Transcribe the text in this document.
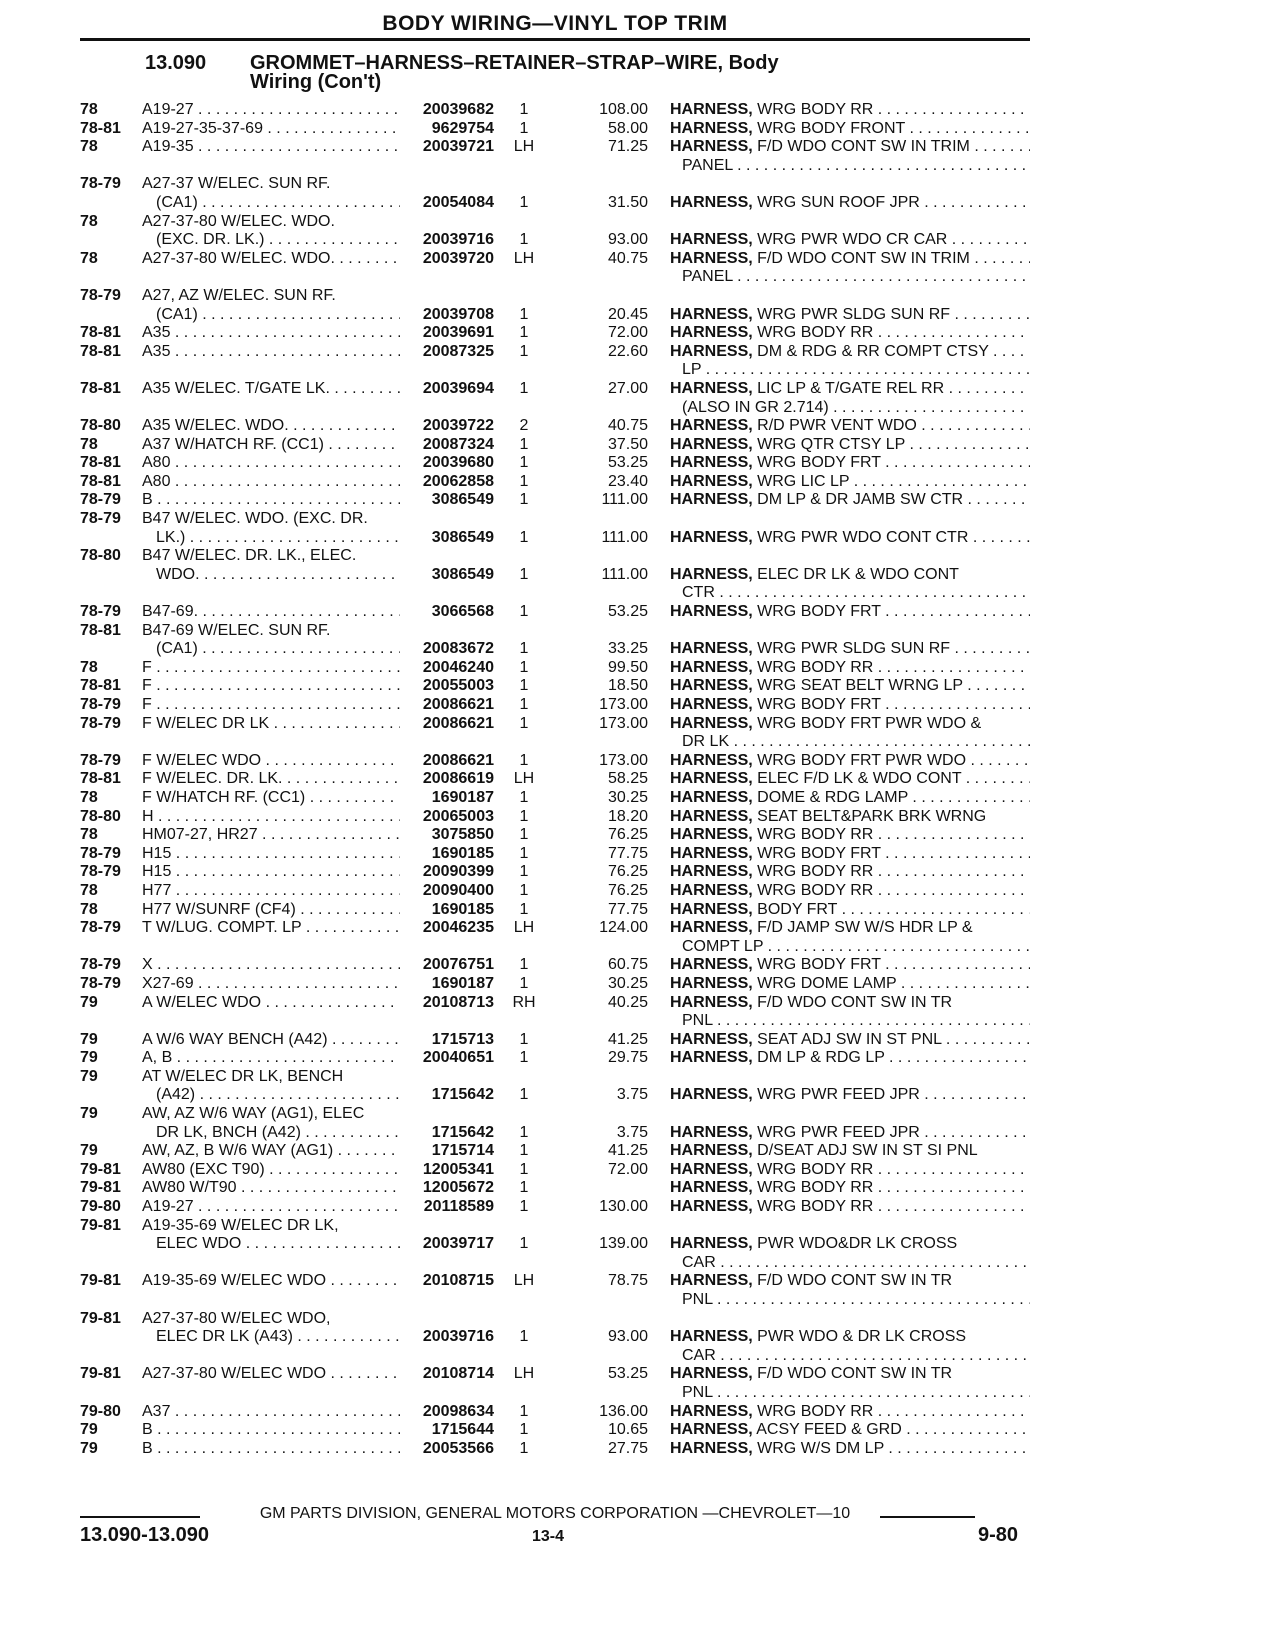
BODY WIRING—VINYL TOP TRIM
13.090 GROMMET–HARNESS–RETAINER–STRAP–WIRE, Body
Wiring (Con't)
78	A19-27 . . .	20039682	1	108.00 HARNESS, WRG BODY RR . . .
78-81	A19-27-35-37-69 . . .	9629754	1	58.00 HARNESS, WRG BODY FRONT . . .
78	A19-35 . . .	20039721	LH	71.25 HARNESS, F/D WDO CONT SW IN TRIM . . .
PANEL . . .
78-79	A27-37 W/ELEC. SUN RF.
(CA1) . . .	20054084	1	31.50 HARNESS, WRG SUN ROOF JPR . . .
78	A27-37-80 W/ELEC. WDO.
(EXC. DR. LK.) . . .	20039716	1	93.00 HARNESS, WRG PWR WDO CR CAR . . .
78	A27-37-80 W/ELEC. WDO. . . .	20039720	LH	40.75 HARNESS, F/D WDO CONT SW IN TRIM . . .
PANEL . . .
78-79	A27, AZ W/ELEC. SUN RF.
(CA1) . . .	20039708	1	20.45 HARNESS, WRG PWR SLDG SUN RF . . .
78-81	A35 . . .	20039691	1	72.00 HARNESS, WRG BODY RR . . .
78-81	A35 . . .	20087325	1	22.60 HARNESS, DM & RDG & RR COMPT CTSY . . .
LP . . .
78-81	A35 W/ELEC. T/GATE LK. . . .	20039694	1	27.00 HARNESS, LIC LP & T/GATE REL RR . . .
(ALSO IN GR 2.714) . . .
78-80	A35 W/ELEC. WDO. . . .	20039722	2	40.75 HARNESS, R/D PWR VENT WDO . . .
78	A37 W/HATCH RF. (CC1) . . .	20087324	1	37.50 HARNESS, WRG QTR CTSY LP . . .
78-81	A80 . . .	20039680	1	53.25 HARNESS, WRG BODY FRT . . .
78-81	A80 . . .	20062858	1	23.40 HARNESS, WRG LIC LP . . .
78-79	B . . .	3086549	1	111.00 HARNESS, DM LP & DR JAMB SW CTR . . .
78-79	B47 W/ELEC. WDO. (EXC. DR.
LK.) . . .	3086549	1	111.00 HARNESS, WRG PWR WDO CONT CTR . . .
78-80	B47 W/ELEC. DR. LK., ELEC.
WDO. . . .	3086549	1	111.00 HARNESS, ELEC DR LK & WDO CONT
CTR . . .
78-79	B47-69. . . .	3066568	1	53.25 HARNESS, WRG BODY FRT . . .
78-81	B47-69 W/ELEC. SUN RF.
(CA1) . . .	20083672	1	33.25 HARNESS, WRG PWR SLDG SUN RF . . .
78	F . . .	20046240	1	99.50 HARNESS, WRG BODY RR . . .
78-81	F . . .	20055003	1	18.50 HARNESS, WRG SEAT BELT WRNG LP . . .
78-79	F . . .	20086621	1	173.00 HARNESS, WRG BODY FRT . . .
78-79	F W/ELEC DR LK . . .	20086621	1	173.00 HARNESS, WRG BODY FRT PWR WDO &
DR LK . . .
78-79	F W/ELEC WDO . . .	20086621	1	173.00 HARNESS, WRG BODY FRT PWR WDO . . .
78-81	F W/ELEC. DR. LK. . . .	20086619	LH	58.25 HARNESS, ELEC F/D LK & WDO CONT . . .
78	F W/HATCH RF. (CC1) . . .	1690187	1	30.25 HARNESS, DOME & RDG LAMP . . .
78-80	H . . .	20065003	1	18.20 HARNESS, SEAT BELT&PARK BRK WRNG
78	HM07-27, HR27 . . .	3075850	1	76.25 HARNESS, WRG BODY RR . . .
78-79	H15 . . .	1690185	1	77.75 HARNESS, WRG BODY FRT . . .
78-79	H15 . . .	20090399	1	76.25 HARNESS, WRG BODY RR . . .
78	H77 . . .	20090400	1	76.25 HARNESS, WRG BODY RR . . .
78	H77 W/SUNRF (CF4) . . .	1690185	1	77.75 HARNESS, BODY FRT . . .
78-79	T W/LUG. COMPT. LP . . .	20046235	LH	124.00 HARNESS, F/D JAMP SW W/S HDR LP &
COMPT LP . . .
78-79	X . . .	20076751	1	60.75 HARNESS, WRG BODY FRT . . .
78-79	X27-69 . . .	1690187	1	30.25 HARNESS, WRG DOME LAMP . . .
79	A W/ELEC WDO . . .	20108713	RH	40.25 HARNESS, F/D WDO CONT SW IN TR
PNL . . .
79	A W/6 WAY BENCH (A42) . . .	1715713	1	41.25 HARNESS, SEAT ADJ SW IN ST PNL . . .
79	A, B . . .	20040651	1	29.75 HARNESS, DM LP & RDG LP . . .
79	AT W/ELEC DR LK, BENCH
(A42) . . .	1715642	1	3.75 HARNESS, WRG PWR FEED JPR . . .
79	AW, AZ W/6 WAY (AG1), ELEC
DR LK, BNCH (A42) . . .	1715642	1	3.75 HARNESS, WRG PWR FEED JPR . . .
79	AW, AZ, B W/6 WAY (AG1) . . .	1715714	1	41.25 HARNESS, D/SEAT ADJ SW IN ST SI PNL
79-81	AW80 (EXC T90) . . .	12005341	1	72.00 HARNESS, WRG BODY RR . . .
79-81	AW80 W/T90 . . .	12005672	1	HARNESS, WRG BODY RR . . .
79-80	A19-27 . . .	20118589	1	130.00 HARNESS, WRG BODY RR . . .
79-81	A19-35-69 W/ELEC DR LK,
ELEC WDO . . .	20039717	1	139.00 HARNESS, PWR WDO&DR LK CROSS
CAR . . .
79-81	A19-35-69 W/ELEC WDO . . .	20108715	LH	78.75 HARNESS, F/D WDO CONT SW IN TR
PNL . . .
79-81	A27-37-80 W/ELEC WDO,
ELEC DR LK (A43) . . .	20039716	1	93.00 HARNESS, PWR WDO & DR LK CROSS
CAR . . .
79-81	A27-37-80 W/ELEC WDO . . .	20108714	LH	53.25 HARNESS, F/D WDO CONT SW IN TR
PNL . . .
79-80	A37 . . .	20098634	1	136.00 HARNESS, WRG BODY RR . . .
79	B . . .	1715644	1	10.65 HARNESS, ACSY FEED & GRD . . .
79	B . . .	20053566	1	27.75 HARNESS, WRG W/S DM LP . . .
GM PARTS DIVISION, GENERAL MOTORS CORPORATION —CHEVROLET—10
13.090-13.090	13-4	9-80
